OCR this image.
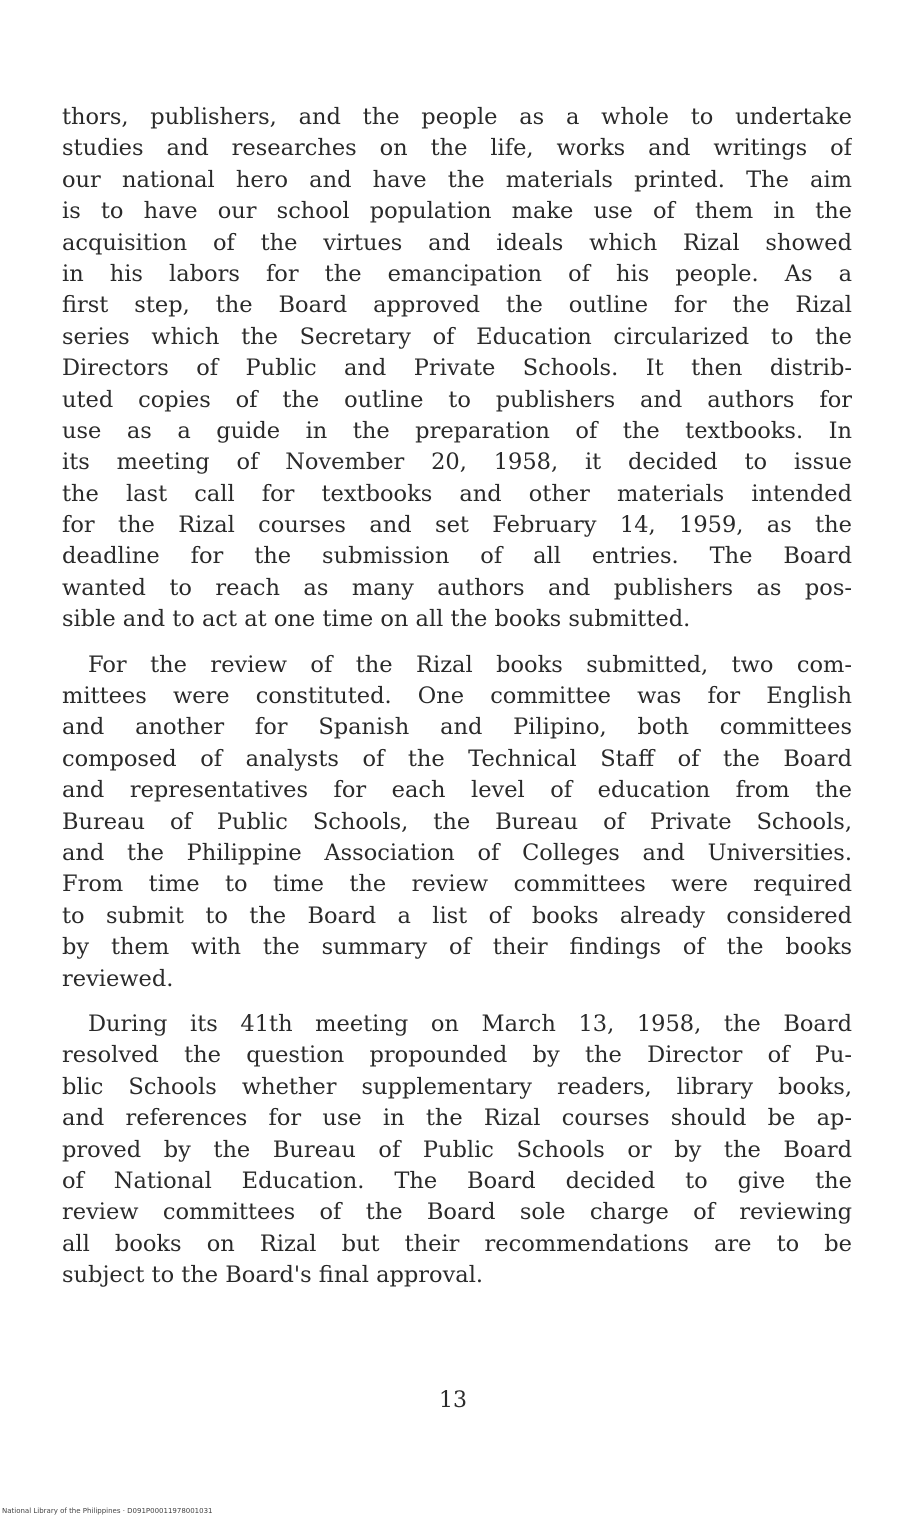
thors, publishers, and the people as a whole to undertake
studies and researches on the life, works and writings of
our national hero and have the materials printed. The aim
is to have our school population make use of them in the
acquisition of the virtues and ideals which Rizal showed
in his labors for the emancipation of his people. As a
first step, the Board approved the outline for the Rizal
series which the Secretary of Education circularized to the
Directors of Public and Private Schools. It then distrib-
uted copies of the outline to publishers and authors for
use as a guide in the preparation of the textbooks. In
its meeting of November 20, 1958, it decided to issue
the last call for textbooks and other materials intended
for the Rizal courses and set February 14, 1959, as the
deadline for the submission of all entries. The Board
wanted to reach as many authors and publishers as pos-
sible and to act at one time on all the books submitted.
For the review of the Rizal books submitted, two com-
mittees were constituted. One committee was for English
and another for Spanish and Pilipino, both committees
composed of analysts of the Technical Staff of the Board
and representatives for each level of education from the
Bureau of Public Schools, the Bureau of Private Schools,
and the Philippine Association of Colleges and Universities.
From time to time the review committees were required
to submit to the Board a list of books already considered
by them with the summary of their findings of the books
reviewed.
During its 41th meeting on March 13, 1958, the Board
resolved the question propounded by the Director of Pu-
blic Schools whether supplementary readers, library books,
and references for use in the Rizal courses should be ap-
proved by the Bureau of Public Schools or by the Board
of National Education. The Board decided to give the
review committees of the Board sole charge of reviewing
all books on Rizal but their recommendations are to be
subject to the Board's final approval.
13
National Library of the Philippines · D091P00011978001031
